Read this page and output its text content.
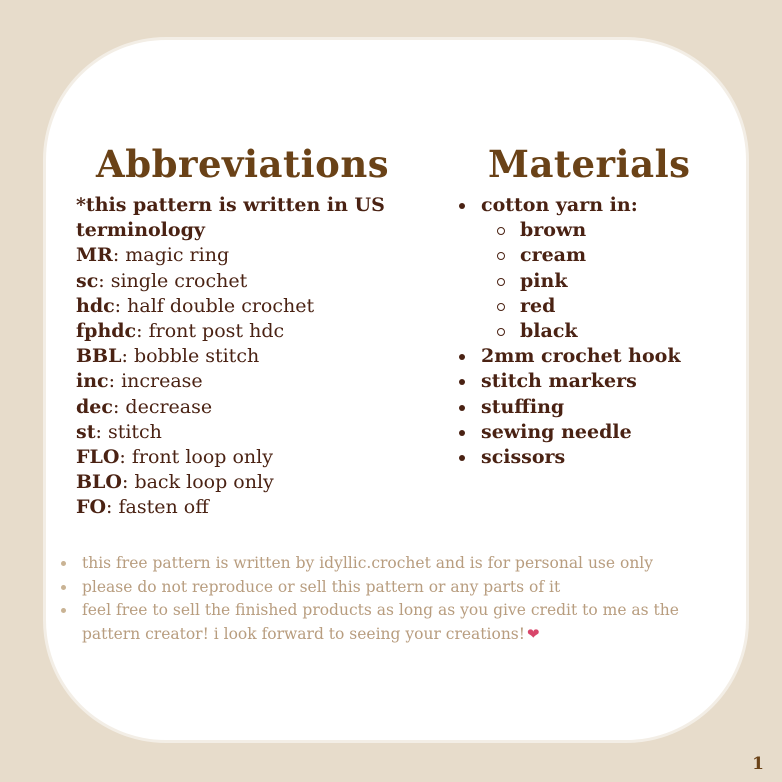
Abbreviations	Materials
*this pattern is written in US terminology
MR: magic ring
sc: single crochet
hdc: half double crochet
fphdc: front post hdc
BBL: bobble stitch
inc: increase
dec: decrease
st: stitch
FLO: front loop only
BLO: back loop only
FO: fasten off
cotton yarn in:
brown
cream
pink
red
black
2mm crochet hook
stitch markers
stuffing
sewing needle
scissors
this free pattern is written by idyllic.crochet and is for personal use only
please do not reproduce or sell this pattern or any parts of it
feel free to sell the finished products as long as you give credit to me as the pattern creator! i look forward to seeing your creations! ❤
1
